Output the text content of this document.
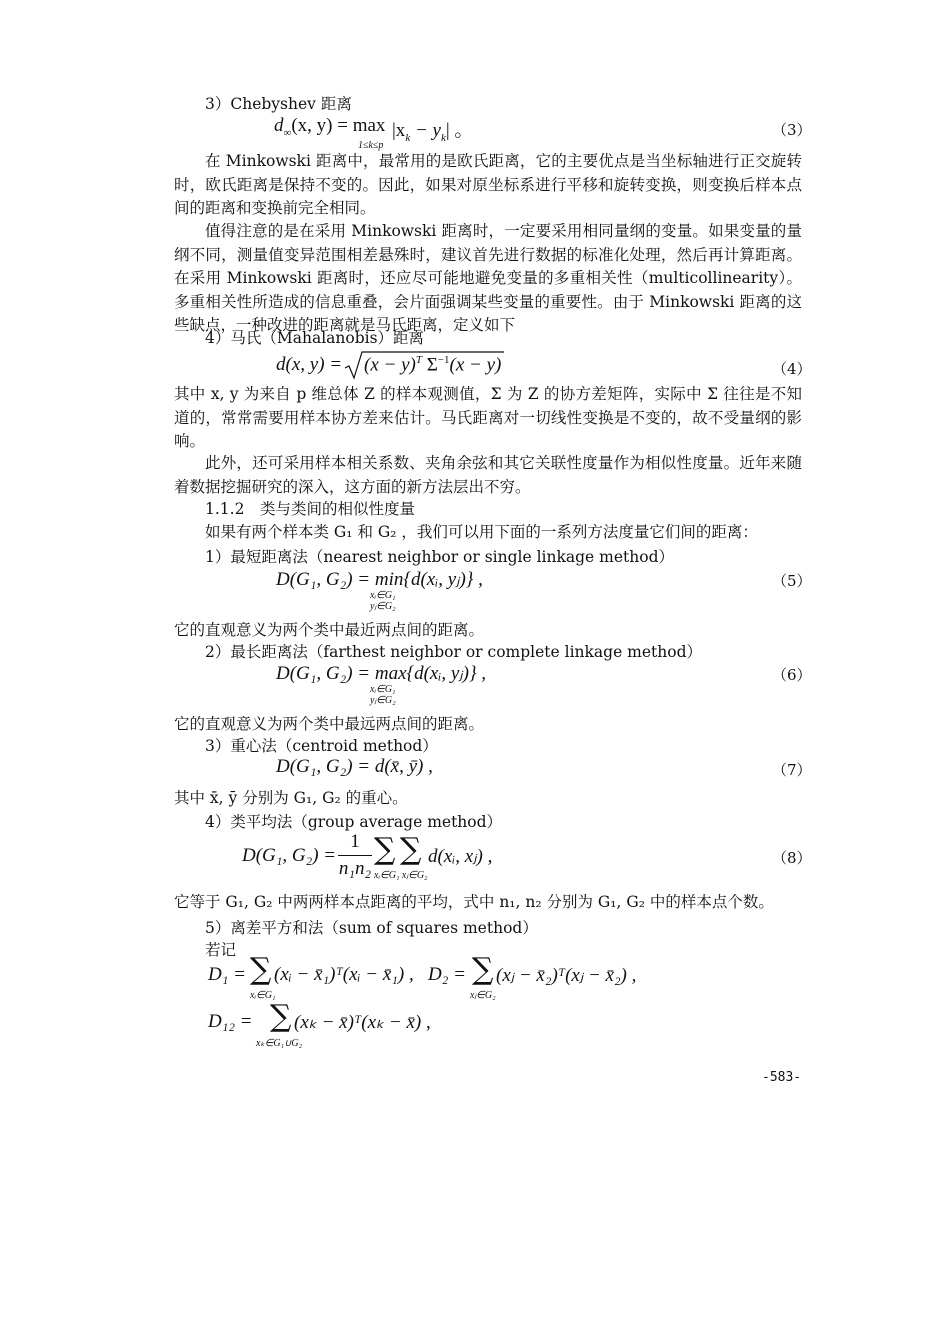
3）Chebyshev 距离
$d_\infty(x$, y) = max
1≤k≤p
$|x_k - y_k|$ 。	（3）
在 Minkowski 距离中，最常用的是欧氏距离，它的主要优点是当坐标轴进行正交旋转时，欧氏距离是保持不变的。因此，如果对原坐标系进行平移和旋转变换，则变换后样本点间的距离和变换前完全相同。
值得注意的是在采用 Minkowski 距离时，一定要采用相同量纲的变量。如果变量的量纲不同，测量值变异范围相差悬殊时，建议首先进行数据的标准化处理，然后再计算距离。在采用 Minkowski 距离时，还应尽可能地避免变量的多重相关性（multicollinearity）。多重相关性所造成的信息重叠，会片面强调某些变量的重要性。由于 Minkowski 距离的这些缺点，一种改进的距离就是马氏距离，定义如下
4）马氏（Mahalanobis）距离
d(x, $y) = (x - y)^T$ $\Sigma^{-1}(x - y)$	（4）
其中 x, y 为来自 p 维总体 Z 的样本观测值，Σ 为 Z 的协方差矩阵，实际中 Σ 往往是不知道的，常常需要用样本协方差来估计。马氏距离对一切线性变换是不变的，故不受量纲的影响。
此外，还可采用样本相关系数、夹角余弦和其它关联性度量作为相似性度量。近年来随着数据挖掘研究的深入，这方面的新方法层出不穷。
1.1.2　类与类间的相似性度量
如果有两个样本类 G₁ 和 G₂ ，我们可以用下面的一系列方法度量它们间的距离：
1）最短距离法（nearest neighbor or single linkage method）
D(G₁, G₂) = min{d(xᵢ, yⱼ)} ,
xᵢ∈G₁
yⱼ∈G₂
（5）
它的直观意义为两个类中最近两点间的距离。
2）最长距离法（farthest neighbor or complete linkage method）
D(G₁, G₂) = max{d(xᵢ, yⱼ)} ,
xᵢ∈G₁
yⱼ∈G₂
（6）
它的直观意义为两个类中最远两点间的距离。
3）重心法（centroid method）
D(G₁, G₂) = d(x̄, ȳ) ,	（7）
其中 x̄, ȳ 分别为 G₁, G₂ 的重心。
4）类平均法（group average method）
D(G₁, G₂) =
1
n₁n₂
∑ ∑
xᵢ∈G₁ xⱼ∈G₂
d(xᵢ, xⱼ) ,	（8）
它等于 G₁, G₂ 中两两样本点距离的平均，式中 n₁, n₂ 分别为 G₁, G₂ 中的样本点个数。
5）离差平方和法（sum of squares method）
若记
D₁ = ∑
xᵢ∈G₁
(xᵢ − x̄₁)ᵀ(xᵢ − x̄₁) , D₂ = ∑
xⱼ∈G₂
(xⱼ − x̄₂)ᵀ(xⱼ − x̄₂) ,
D₁₂ = ∑
xₖ∈G₁∪G₂
(xₖ − x̄)ᵀ(xₖ − x̄) ,
-583-
